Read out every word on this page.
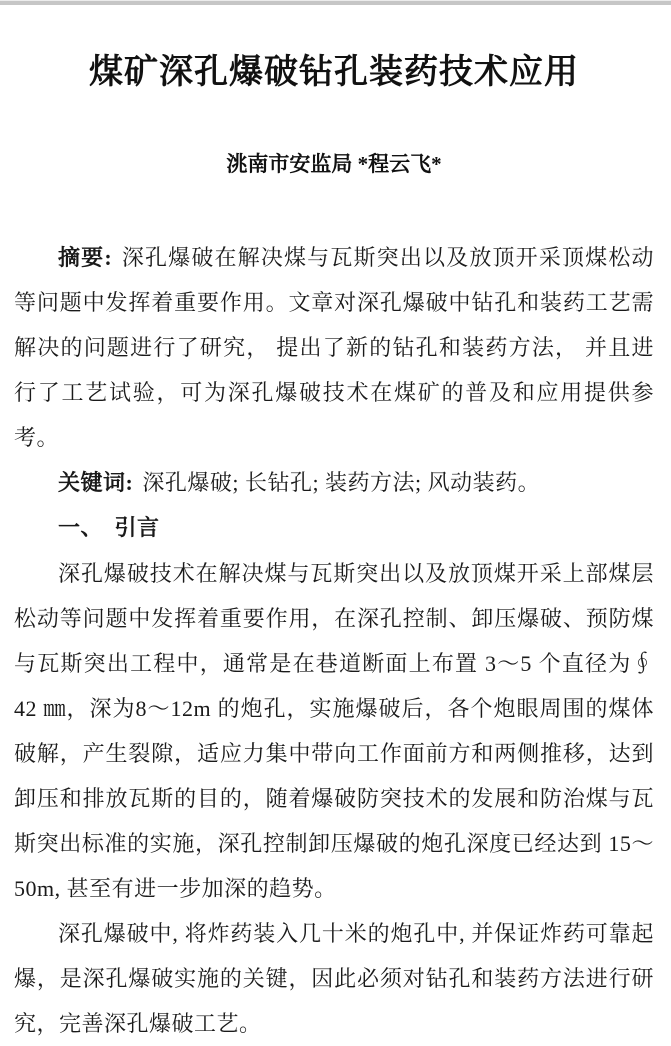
煤矿深孔爆破钻孔装药技术应用
洮南市安监局 *程云飞*

摘要: 深孔爆破在解决煤与瓦斯突出以及放顶开采顶煤松动等问题中发挥着重要作用。文章对深孔爆破中钻孔和装药工艺需解决的问题进行了研究， 提出了新的钻孔和装药方法， 并且进行了工艺试验，可为深孔爆破技术在煤矿的普及和应用提供参考。

关键词: 深孔爆破; 长钻孔; 装药方法; 风动装药。

一、　引言

深孔爆破技术在解决煤与瓦斯突出以及放顶煤开采上部煤层松动等问题中发挥着重要作用，在深孔控制、卸压爆破、预防煤与瓦斯突出工程中，通常是在巷道断面上布置 3～5 个直径为∮ 42 ㎜，深为8～12m 的炮孔，实施爆破后，各个炮眼周围的煤体破解，产生裂隙，适应力集中带向工作面前方和两侧推移，达到卸压和排放瓦斯的目的，随着爆破防突技术的发展和防治煤与瓦斯突出标准的实施，深孔控制卸压爆破的炮孔深度已经达到 15～50m, 甚至有进一步加深的趋势。

深孔爆破中, 将炸药装入几十米的炮孔中, 并保证炸药可靠起爆，是深孔爆破实施的关键，因此必须对钻孔和装药方法进行研究，完善深孔爆破工艺。
